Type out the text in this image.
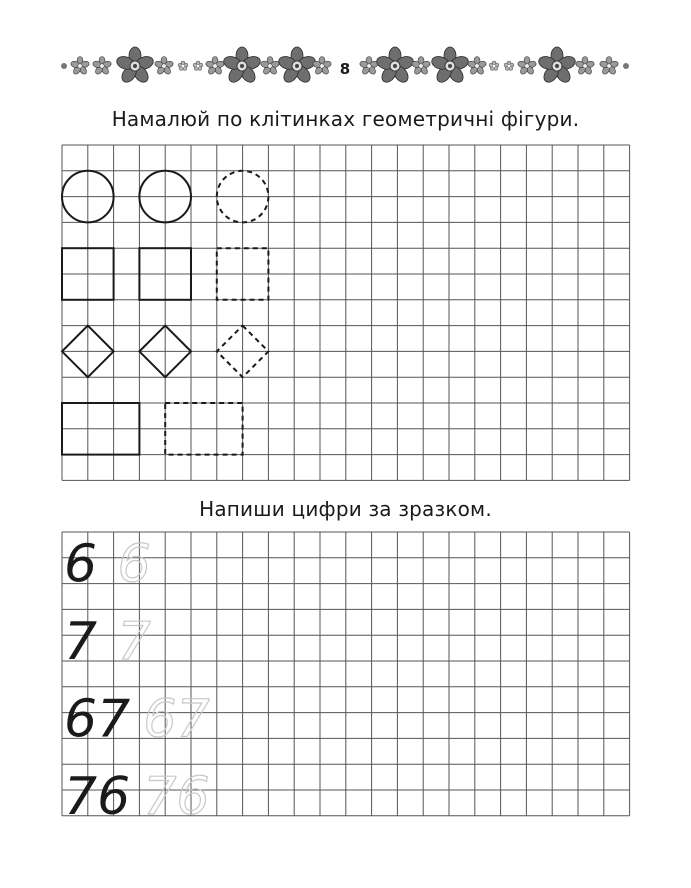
8
Намалюй по клітинках геометричні фігури.
Напиши цифри за зразком.
6 6
7 7
67 67
76 76
